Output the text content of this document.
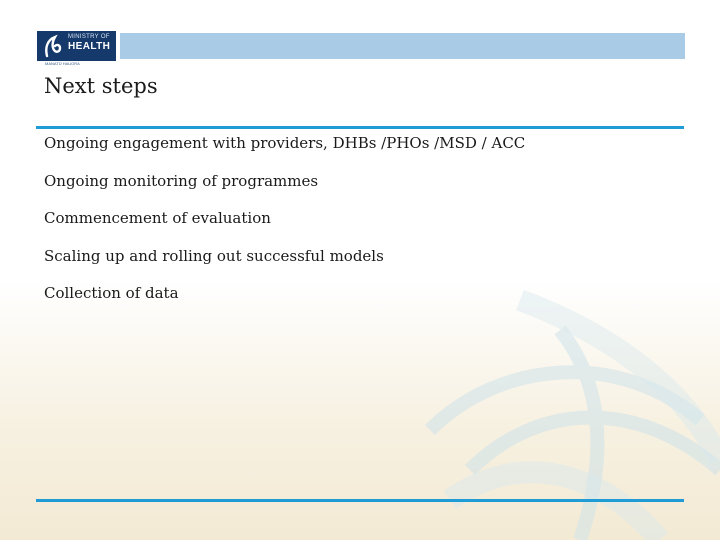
MINISTRY OF
HEALTH
MANATŪ HAUORA
Next steps
Ongoing engagement with providers, DHBs /PHOs /MSD / ACC
Ongoing monitoring of programmes
Commencement of evaluation
Scaling up and rolling out successful models
Collection of data
